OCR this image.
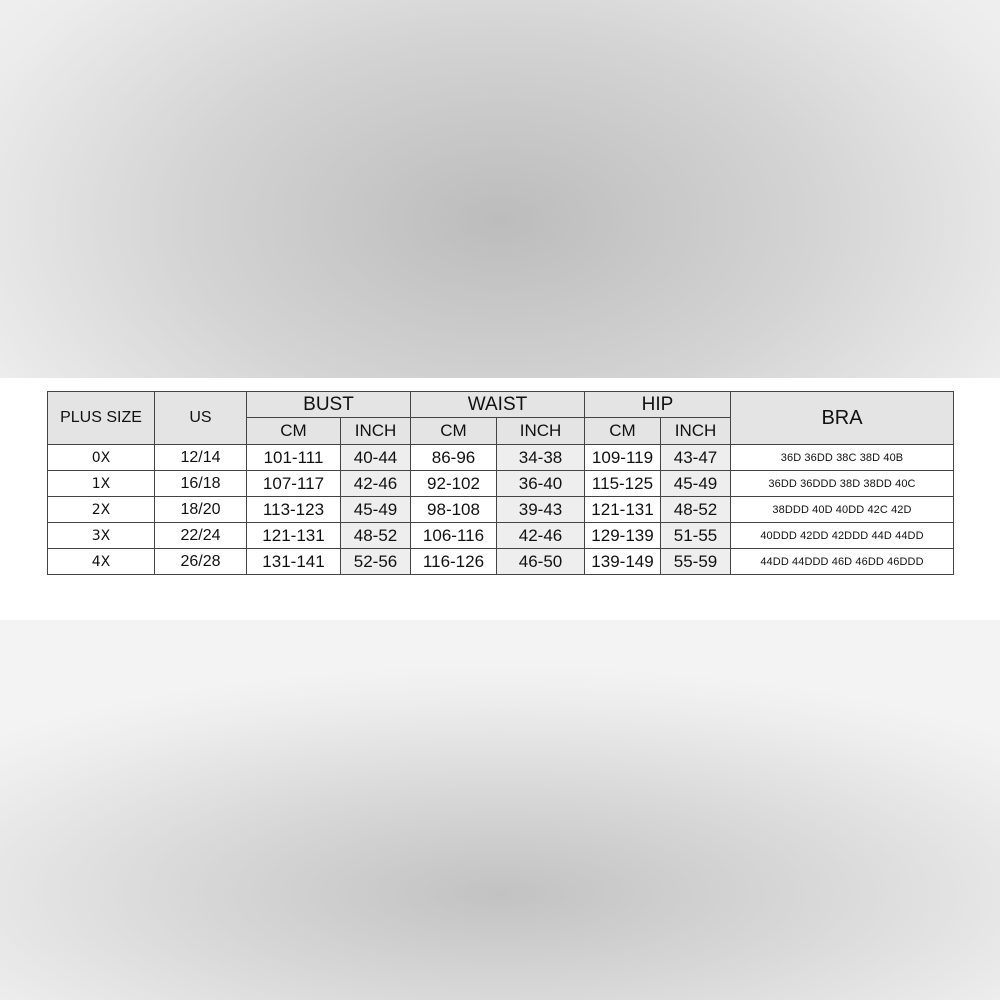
PLUS SIZE	US	BUST		WAIST		HIP		BRA
		CM	INCH	CM	INCH	CM	INCH	
0X	12/14	101-111	40-44	86-96	34-38	109-119	43-47	36D 36DD 38C 38D 40B
1X	16/18	107-117	42-46	92-102	36-40	115-125	45-49	36DD 36DDD 38D 38DD 40C
2X	18/20	113-123	45-49	98-108	39-43	121-131	48-52	38DDD 40D 40DD 42C 42D
3X	22/24	121-131	48-52	106-116	42-46	129-139	51-55	40DDD 42DD 42DDD 44D 44DD
4X	26/28	131-141	52-56	116-126	46-50	139-149	55-59	44DD 44DDD 46D 46DD 46DDD
